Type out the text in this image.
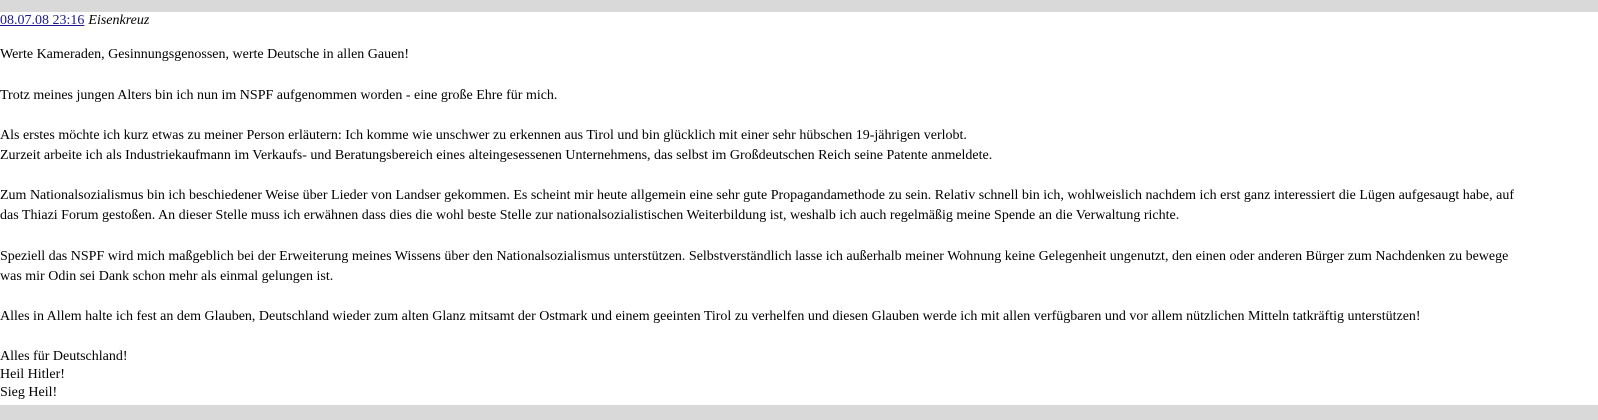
08.07.08 23:16 Eisenkreuz
Werte Kameraden, Gesinnungsgenossen, werte Deutsche in allen Gauen!
Trotz meines jungen Alters bin ich nun im NSPF aufgenommen worden - eine große Ehre für mich.
Als erstes möchte ich kurz etwas zu meiner Person erläutern: Ich komme wie unschwer zu erkennen aus Tirol und bin glücklich mit einer sehr hübschen 19-jährigen verlobt.
Zurzeit arbeite ich als Industriekaufmann im Verkaufs- und Beratungsbereich eines alteingesessenen Unternehmens, das selbst im Großdeutschen Reich seine Patente anmeldete.
Zum Nationalsozialismus bin ich beschiedener Weise über Lieder von Landser gekommen. Es scheint mir heute allgemein eine sehr gute Propagandamethode zu sein. Relativ schnell bin ich, wohlweislich nachdem ich erst ganz interessiert die Lügen aufgesaugt habe, auf
das Thiazi Forum gestoßen. An dieser Stelle muss ich erwähnen dass dies die wohl beste Stelle zur nationalsozialistischen Weiterbildung ist, weshalb ich auch regelmäßig meine Spende an die Verwaltung richte.
Speziell das NSPF wird mich maßgeblich bei der Erweiterung meines Wissens über den Nationalsozialismus unterstützen. Selbstverständlich lasse ich außerhalb meiner Wohnung keine Gelegenheit ungenutzt, den einen oder anderen Bürger zum Nachdenken zu bewege
was mir Odin sei Dank schon mehr als einmal gelungen ist.
Alles in Allem halte ich fest an dem Glauben, Deutschland wieder zum alten Glanz mitsamt der Ostmark und einem geeinten Tirol zu verhelfen und diesen Glauben werde ich mit allen verfügbaren und vor allem nützlichen Mitteln tatkräftig unterstützen!
Alles für Deutschland!
Heil Hitler!
Sieg Heil!
